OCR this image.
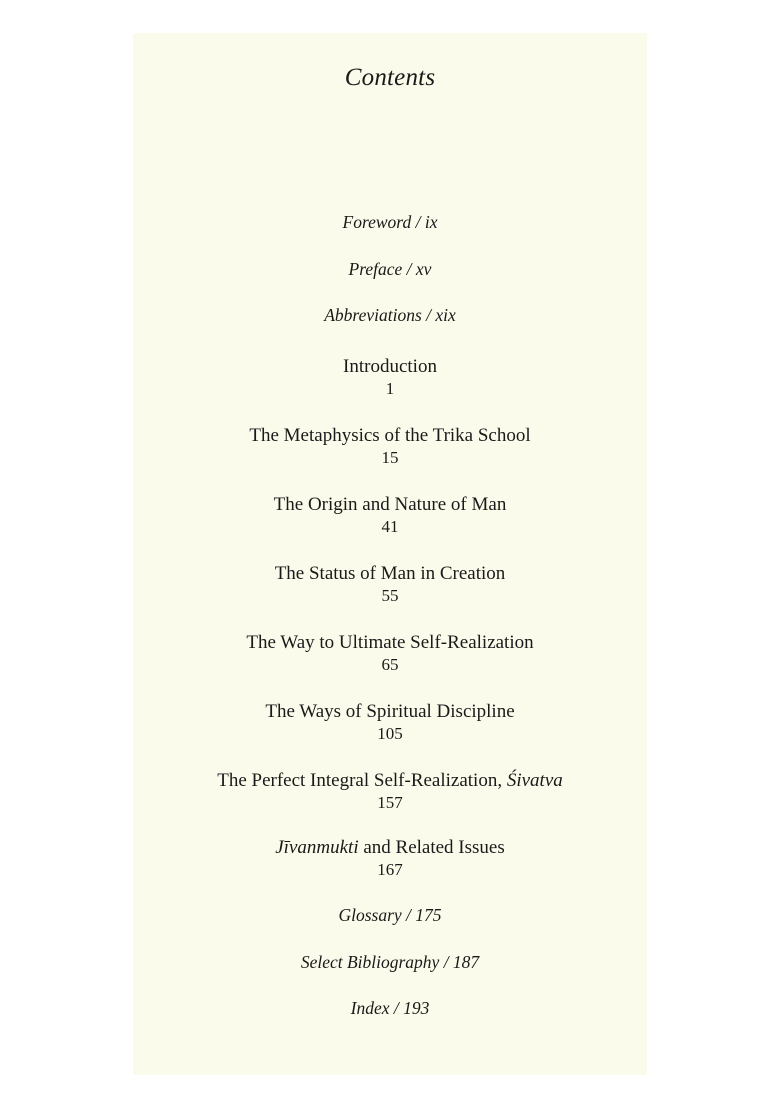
Contents
Foreword / ix
Preface / xv
Abbreviations / xix
Introduction
1
The Metaphysics of the Trika School
15
The Origin and Nature of Man
41
The Status of Man in Creation
55
The Way to Ultimate Self-Realization
65
The Ways of Spiritual Discipline
105
The Perfect Integral Self-Realization, Śivatva
157
Jīvanmukti and Related Issues
167
Glossary / 175
Select Bibliography / 187
Index / 193
